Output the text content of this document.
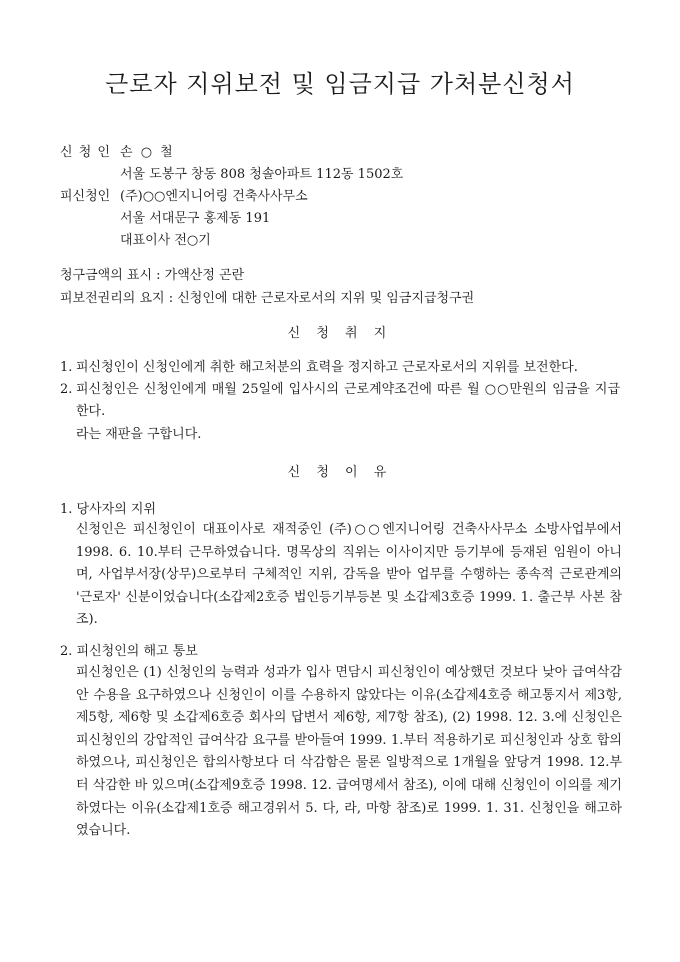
근로자 지위보전 및 임금지급 가처분신청서
신 청 인 손 ○ 철
서울 도봉구 창동 808 청솔아파트 112동 1502호
피신청인 (주)○○엔지니어링 건축사사무소
서울 서대문구 홍제동 191
대표이사 전○기
청구금액의 표시 : 가액산정 곤란
피보전권리의 요지 : 신청인에 대한 근로자로서의 지위 및 임금지급청구권
신 청 취 지
1. 피신청인이 신청인에게 취한 해고처분의 효력을 정지하고 근로자로서의 지위를 보전한다.
2. 피신청인은 신청인에게 매월 25일에 입사시의 근로계약조건에 따른 월 ○○만원의 임금을 지급한다.
라는 재판을 구합니다.
신 청 이 유
1. 당사자의 지위
신청인은 피신청인이 대표이사로 재적중인 (주)○○엔지니어링 건축사사무소 소방사업부에서 1998. 6. 10.부터 근무하였습니다. 명목상의 직위는 이사이지만 등기부에 등재된 임원이 아니며, 사업부서장(상무)으로부터 구체적인 지위, 감독을 받아 업무를 수행하는 종속적 근로관계의 '근로자' 신분이었습니다(소갑제2호증 법인등기부등본 및 소갑제3호증 1999. 1. 출근부 사본 참조).
2. 피신청인의 해고 통보
피신청인은 (1) 신청인의 능력과 성과가 입사 면담시 피신청인이 예상했던 것보다 낮아 급여삭감안 수용을 요구하였으나 신청인이 이를 수용하지 않았다는 이유(소갑제4호증 해고통지서 제3항, 제5항, 제6항 및 소갑제6호증 회사의 답변서 제6항, 제7항 참조), (2) 1998. 12. 3.에 신청인은 피신청인의 강압적인 급여삭감 요구를 받아들여 1999. 1.부터 적용하기로 피신청인과 상호 합의하였으나, 피신청인은 합의사항보다 더 삭감함은 물론 일방적으로 1개월을 앞당겨 1998. 12.부터 삭감한 바 있으며(소갑제9호증 1998. 12. 급여명세서 참조), 이에 대해 신청인이 이의를 제기하였다는 이유(소갑제1호증 해고경위서 5. 다, 라, 마항 참조)로 1999. 1. 31. 신청인을 해고하였습니다.
